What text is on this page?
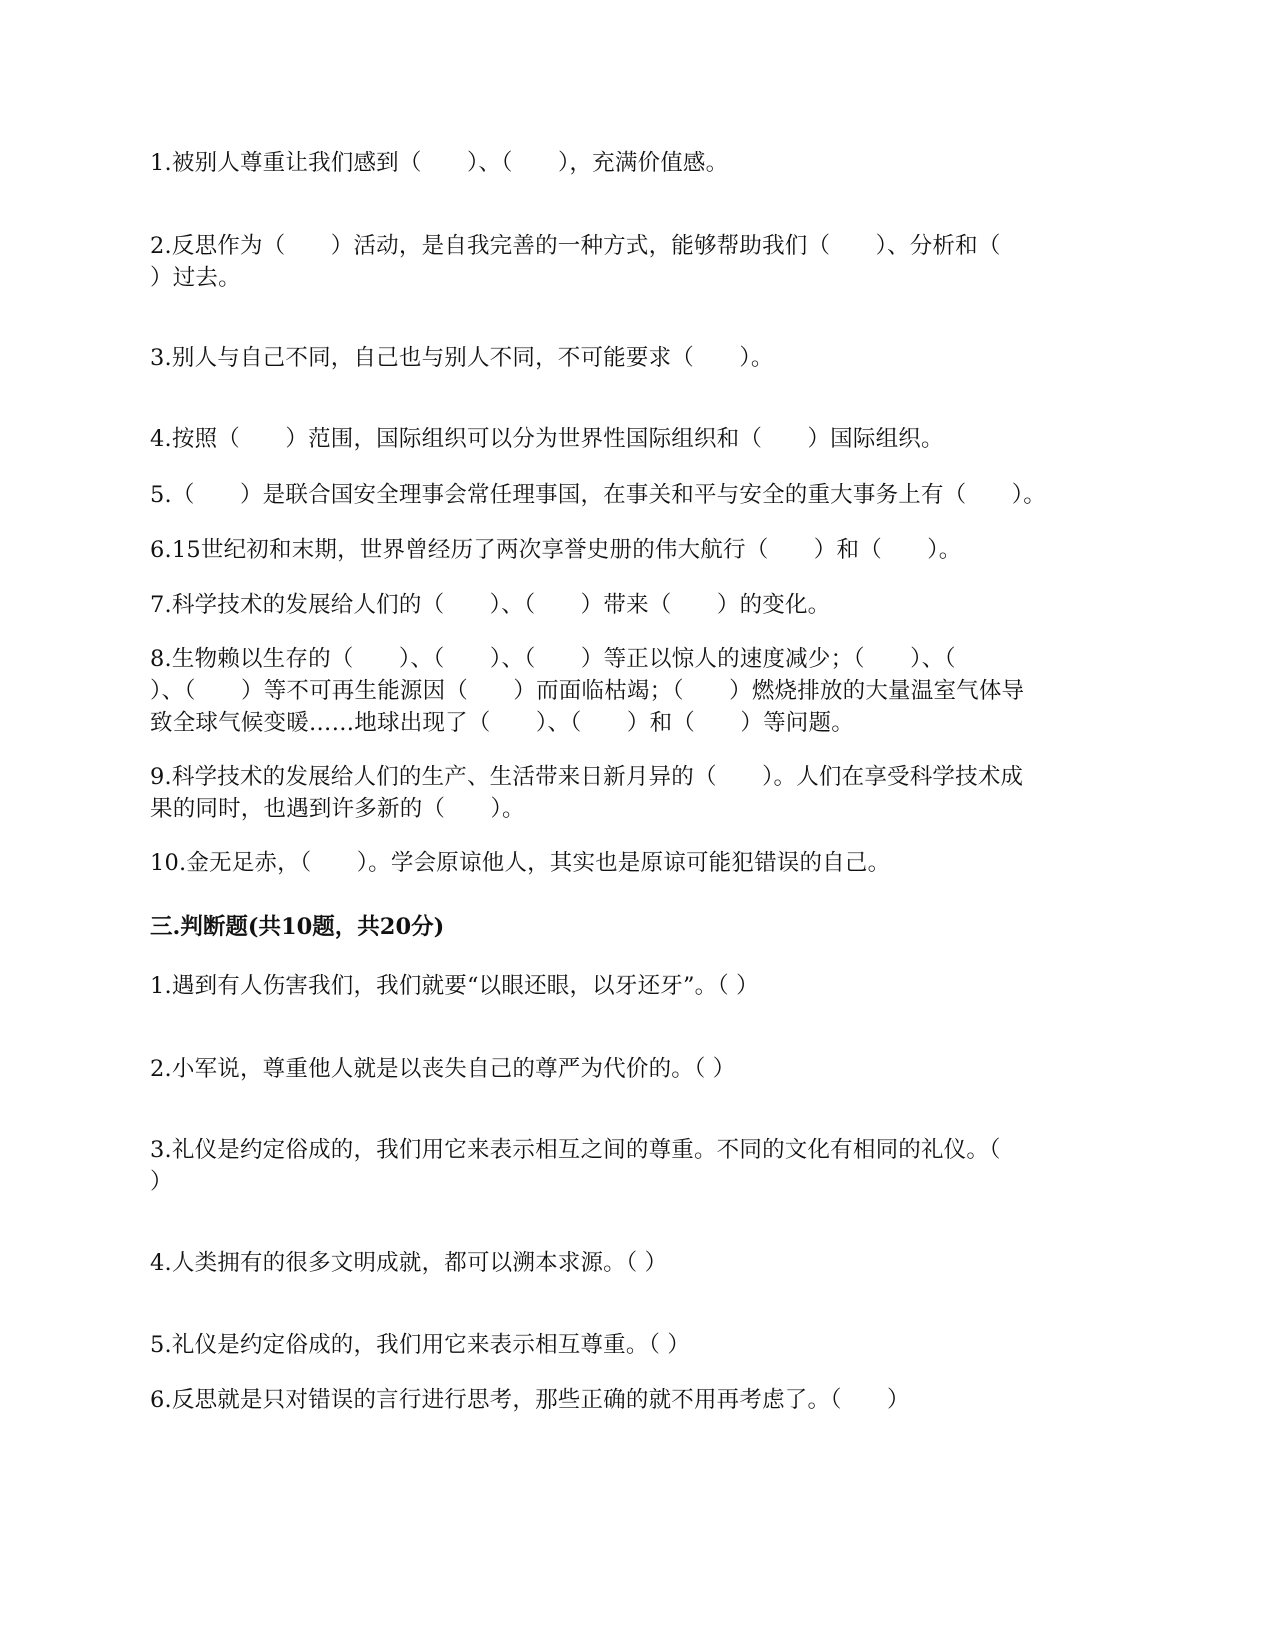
1.被别人尊重让我们感到（　　）、（　　），充满价值感。
2.反思作为（　　）活动，是自我完善的一种方式，能够帮助我们（　　）、分析和（
）过去。
3.别人与自己不同，自己也与别人不同，不可能要求（　　）。
4.按照（　　）范围，国际组织可以分为世界性国际组织和（　　）国际组织。
5.（　　）是联合国安全理事会常任理事国，在事关和平与安全的重大事务上有（　　）。
6.15世纪初和末期，世界曾经历了两次享誉史册的伟大航行（　　）和（　　）。
7.科学技术的发展给人们的（　　）、（　　）带来（　　）的变化。
8.生物赖以生存的（　　）、（　　）、（　　）等正以惊人的速度减少；（　　）、（
）、（　　）等不可再生能源因（　　）而面临枯竭；（　　）燃烧排放的大量温室气体导
致全球气候变暖……地球出现了（　　）、（　　）和（　　）等问题。
9.科学技术的发展给人们的生产、生活带来日新月异的（　　）。人们在享受科学技术成
果的同时，也遇到许多新的（　　）。
10.金无足赤，（　　）。学会原谅他人，其实也是原谅可能犯错误的自己。
三.判断题(共10题，共20分)
1.遇到有人伤害我们，我们就要“以眼还眼，以牙还牙”。（ ）
2.小军说，尊重他人就是以丧失自己的尊严为代价的。（ ）
3.礼仪是约定俗成的，我们用它来表示相互之间的尊重。不同的文化有相同的礼仪。（
）
4.人类拥有的很多文明成就，都可以溯本求源。（ ）
5.礼仪是约定俗成的，我们用它来表示相互尊重。（ ）
6.反思就是只对错误的言行进行思考，那些正确的就不用再考虑了。（　　）
